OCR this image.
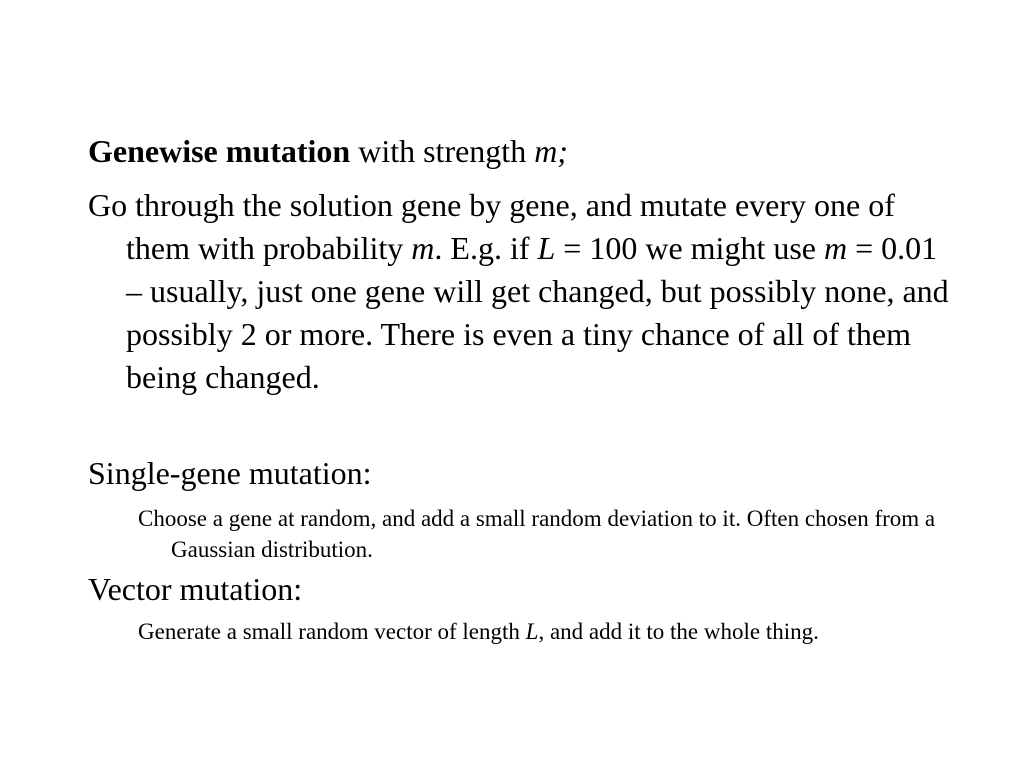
Genewise mutation with strength m;

Go through the solution gene by gene, and mutate every one of them with probability m. E.g. if L = 100 we might use m = 0.01 – usually, just one gene will get changed, but possibly none, and possibly 2 or more. There is even a tiny chance of all of them being changed.

Single-gene mutation:

Choose a gene at random, and add a small random deviation to it. Often chosen from a Gaussian distribution.

Vector mutation:

Generate a small random vector of length L, and add it to the whole thing.
